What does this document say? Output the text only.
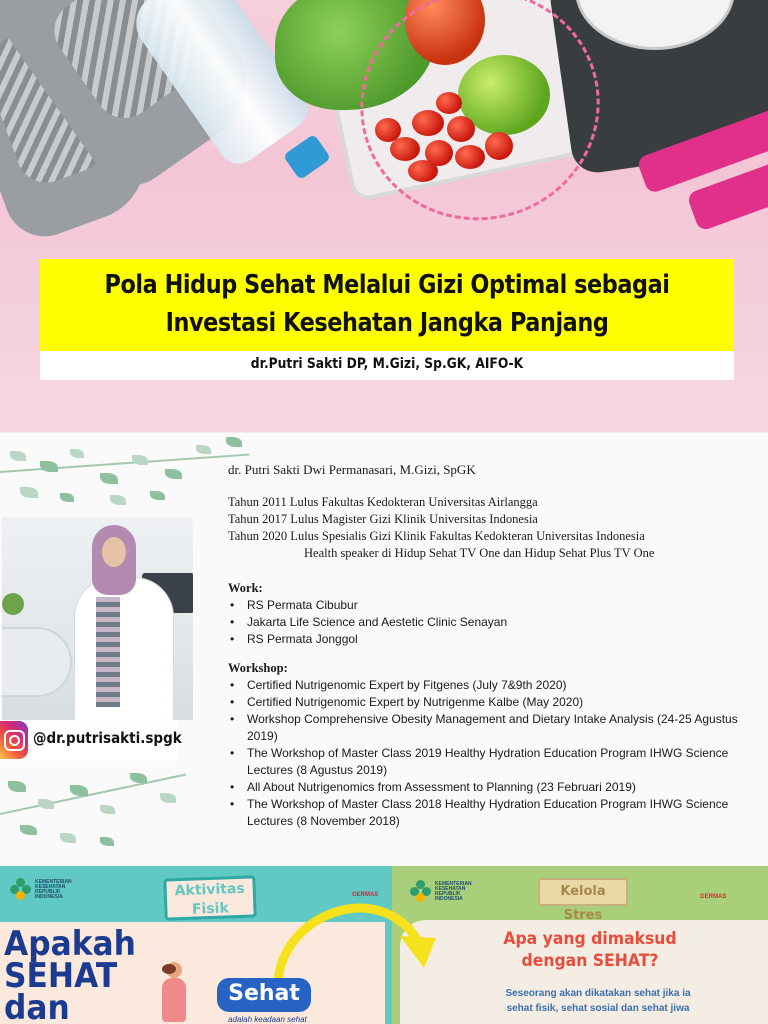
Pola Hidup Sehat Melalui Gizi Optimal sebagai
Investasi Kesehatan Jangka Panjang
dr.Putri Sakti DP, M.Gizi, Sp.GK, AIFO-K
@dr.putrisakti.spgk
dr. Putri Sakti Dwi Permanasari, M.Gizi, SpGK
Tahun 2011 Lulus Fakultas Kedokteran Universitas Airlangga
Tahun 2017 Lulus Magister Gizi Klinik Universitas Indonesia
Tahun 2020 Lulus Spesialis Gizi Klinik Fakultas Kedokteran Universitas Indonesia
Health speaker di Hidup Sehat TV One dan Hidup Sehat Plus TV One
Work:
• RS Permata Cibubur
• Jakarta Life Science and Aestetic Clinic Senayan
• RS Permata Jonggol
Workshop:
• Certified Nutrigenomic Expert by Fitgenes (July 7&9th 2020)
• Certified Nutrigenomic Expert by Nutrigenme Kalbe (May 2020)
• Workshop Comprehensive Obesity Management and Dietary Intake Analysis (24-25 Agustus 2019)
• The Workshop of Master Class 2019 Healthy Hydration Education Program IHWG Science Lectures (8 Agustus 2019)
• All About Nutrigenomics from Assessment to Planning (23 Februari 2019)
• The Workshop of Master Class 2018 Healthy Hydration Education Program IHWG Science Lectures (8 November 2018)
KEMENTERIAN KESEHATAN REPUBLIK INDONESIA	Aktivitas Fisik
GERMAS
Apakah
SEHAT
dan	Sehat
adalah keadaan sehat
KEMENTERIAN KESEHATAN REPUBLIK INDONESIA	Kelola Stres
GERMAS
Apa yang dimaksud
dengan SEHAT?
Seseorang akan dikatakan sehat jika ia
sehat fisik, sehat sosial dan sehat jiwa
